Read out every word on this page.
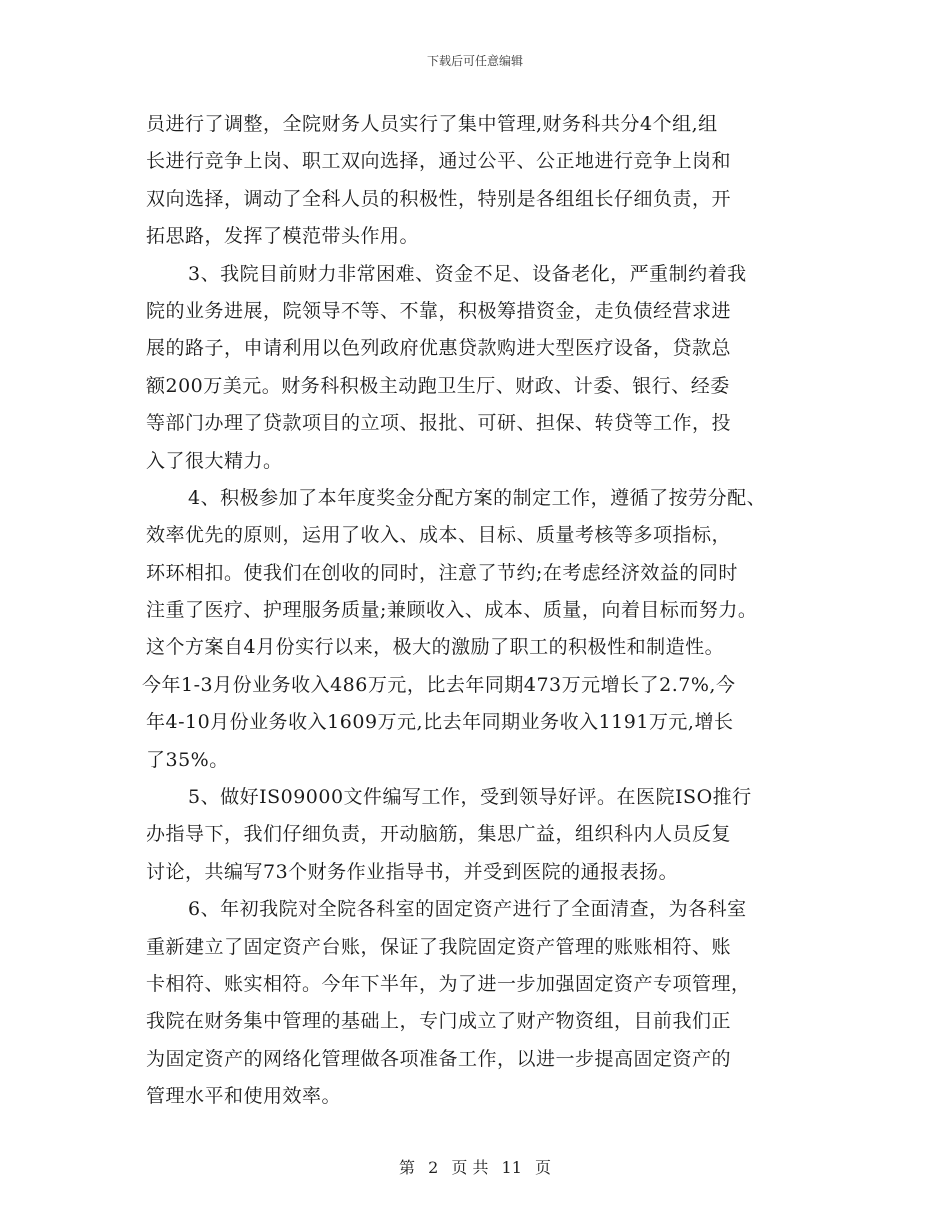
下载后可任意编辑
员进行了调整，全院财务人员实行了集中管理,财务科共分4个组,组
长进行竞争上岗、职工双向选择，通过公平、公正地进行竞争上岗和
双向选择，调动了全科人员的积极性，特别是各组组长仔细负责，开
拓思路，发挥了模范带头作用。
3、我院目前财力非常困难、资金不足、设备老化，严重制约着我
院的业务进展，院领导不等、不靠，积极筹措资金，走负债经营求进
展的路子，申请利用以色列政府优惠贷款购进大型医疗设备，贷款总
额200万美元。财务科积极主动跑卫生厅、财政、计委、银行、经委
等部门办理了贷款项目的立项、报批、可研、担保、转贷等工作，投
入了很大精力。
4、积极参加了本年度奖金分配方案的制定工作，遵循了按劳分配、
效率优先的原则，运用了收入、成本、目标、质量考核等多项指标，
环环相扣。使我们在创收的同时，注意了节约;在考虑经济效益的同时
注重了医疗、护理服务质量;兼顾收入、成本、质量，向着目标而努力。
这个方案自4月份实行以来，极大的激励了职工的积极性和制造性。
今年1-3月份业务收入486万元，比去年同期473万元增长了2.7%,今
年4-10月份业务收入1609万元,比去年同期业务收入1191万元,增长
了35%。
5、做好IS09000文件编写工作，受到领导好评。在医院ISO推行
办指导下，我们仔细负责，开动脑筋，集思广益，组织科内人员反复
讨论，共编写73个财务作业指导书，并受到医院的通报表扬。
6、年初我院对全院各科室的固定资产进行了全面清查，为各科室
重新建立了固定资产台账，保证了我院固定资产管理的账账相符、账
卡相符、账实相符。今年下半年，为了进一步加强固定资产专项管理，
我院在财务集中管理的基础上，专门成立了财产物资组，目前我们正
为固定资产的网络化管理做各项准备工作，以进一步提高固定资产的
管理水平和使用效率。
第 2 页 共 11 页
